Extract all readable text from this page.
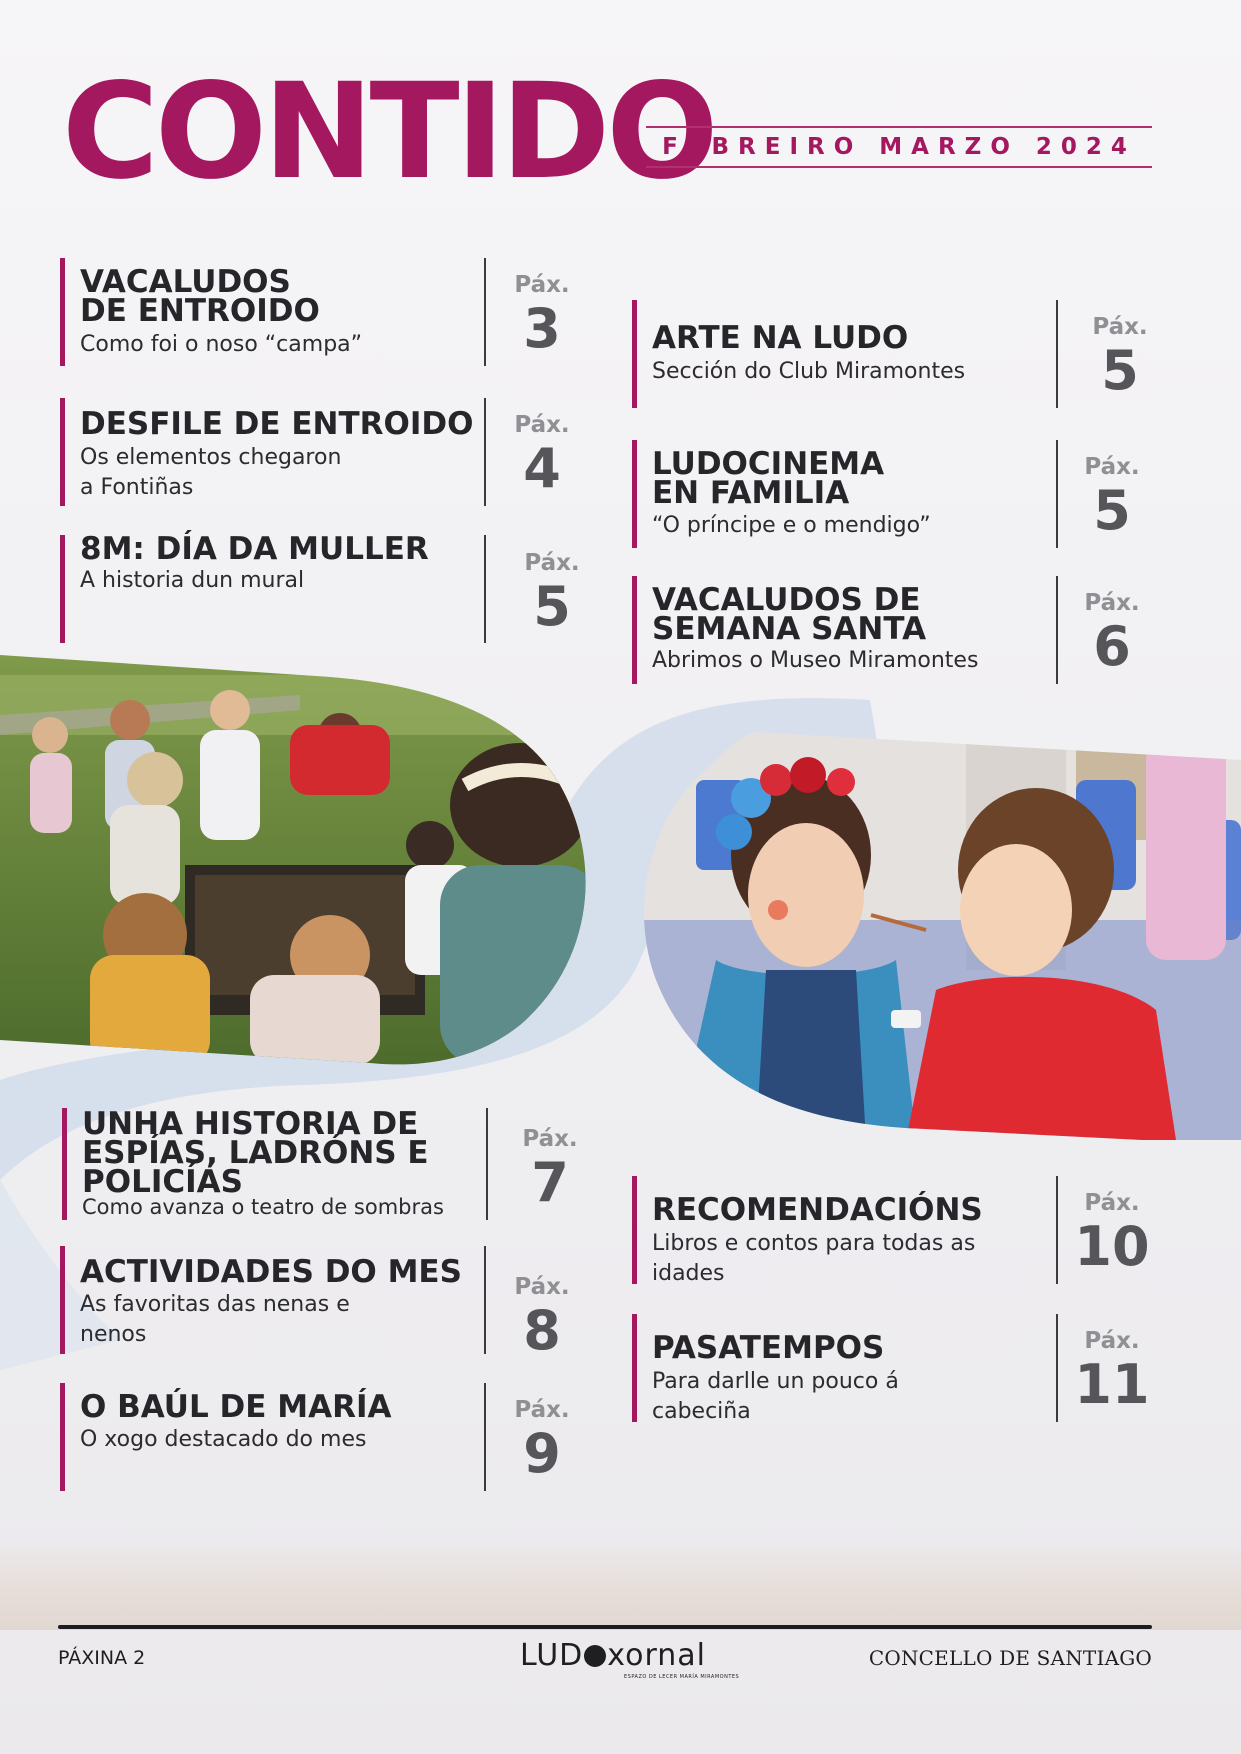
CONTIDO
FEBREIRO MARZO 2024
VACALUDOS
DE ENTROIDO
Como foi o noso “campa”
Páx.
3
DESFILE DE ENTROIDO
Os elementos chegaron
a Fontiñas
Páx.
4
8M: DÍA DA MULLER
A historia dun mural
Páx.
5
ARTE NA LUDO
Sección do Club Miramontes
Páx.
5
LUDOCINEMA
EN FAMILIA
“O príncipe e o mendigo”
Páx.
5
VACALUDOS DE
SEMANA SANTA
Abrimos o Museo Miramontes
Páx.
6
UNHA HISTORIA DE
ESPÍAS, LADRÓNS E
POLICÍAS
Como avanza o teatro de sombras
Páx.
7
ACTIVIDADES DO MES
As favoritas das nenas e
nenos
Páx.
8
O BAÚL DE MARÍA
O xogo destacado do mes
Páx.
9
RECOMENDACIÓNS
Libros e contos para todas as
idades
Páx.
10
PASATEMPOS
Para darlle un pouco á
cabeciña
Páx.
11
PÁXINA 2	LUD xornal
ESPAZO DE LECER MARÍA MIRAMONTES
CONCELLO DE SANTIAGO
